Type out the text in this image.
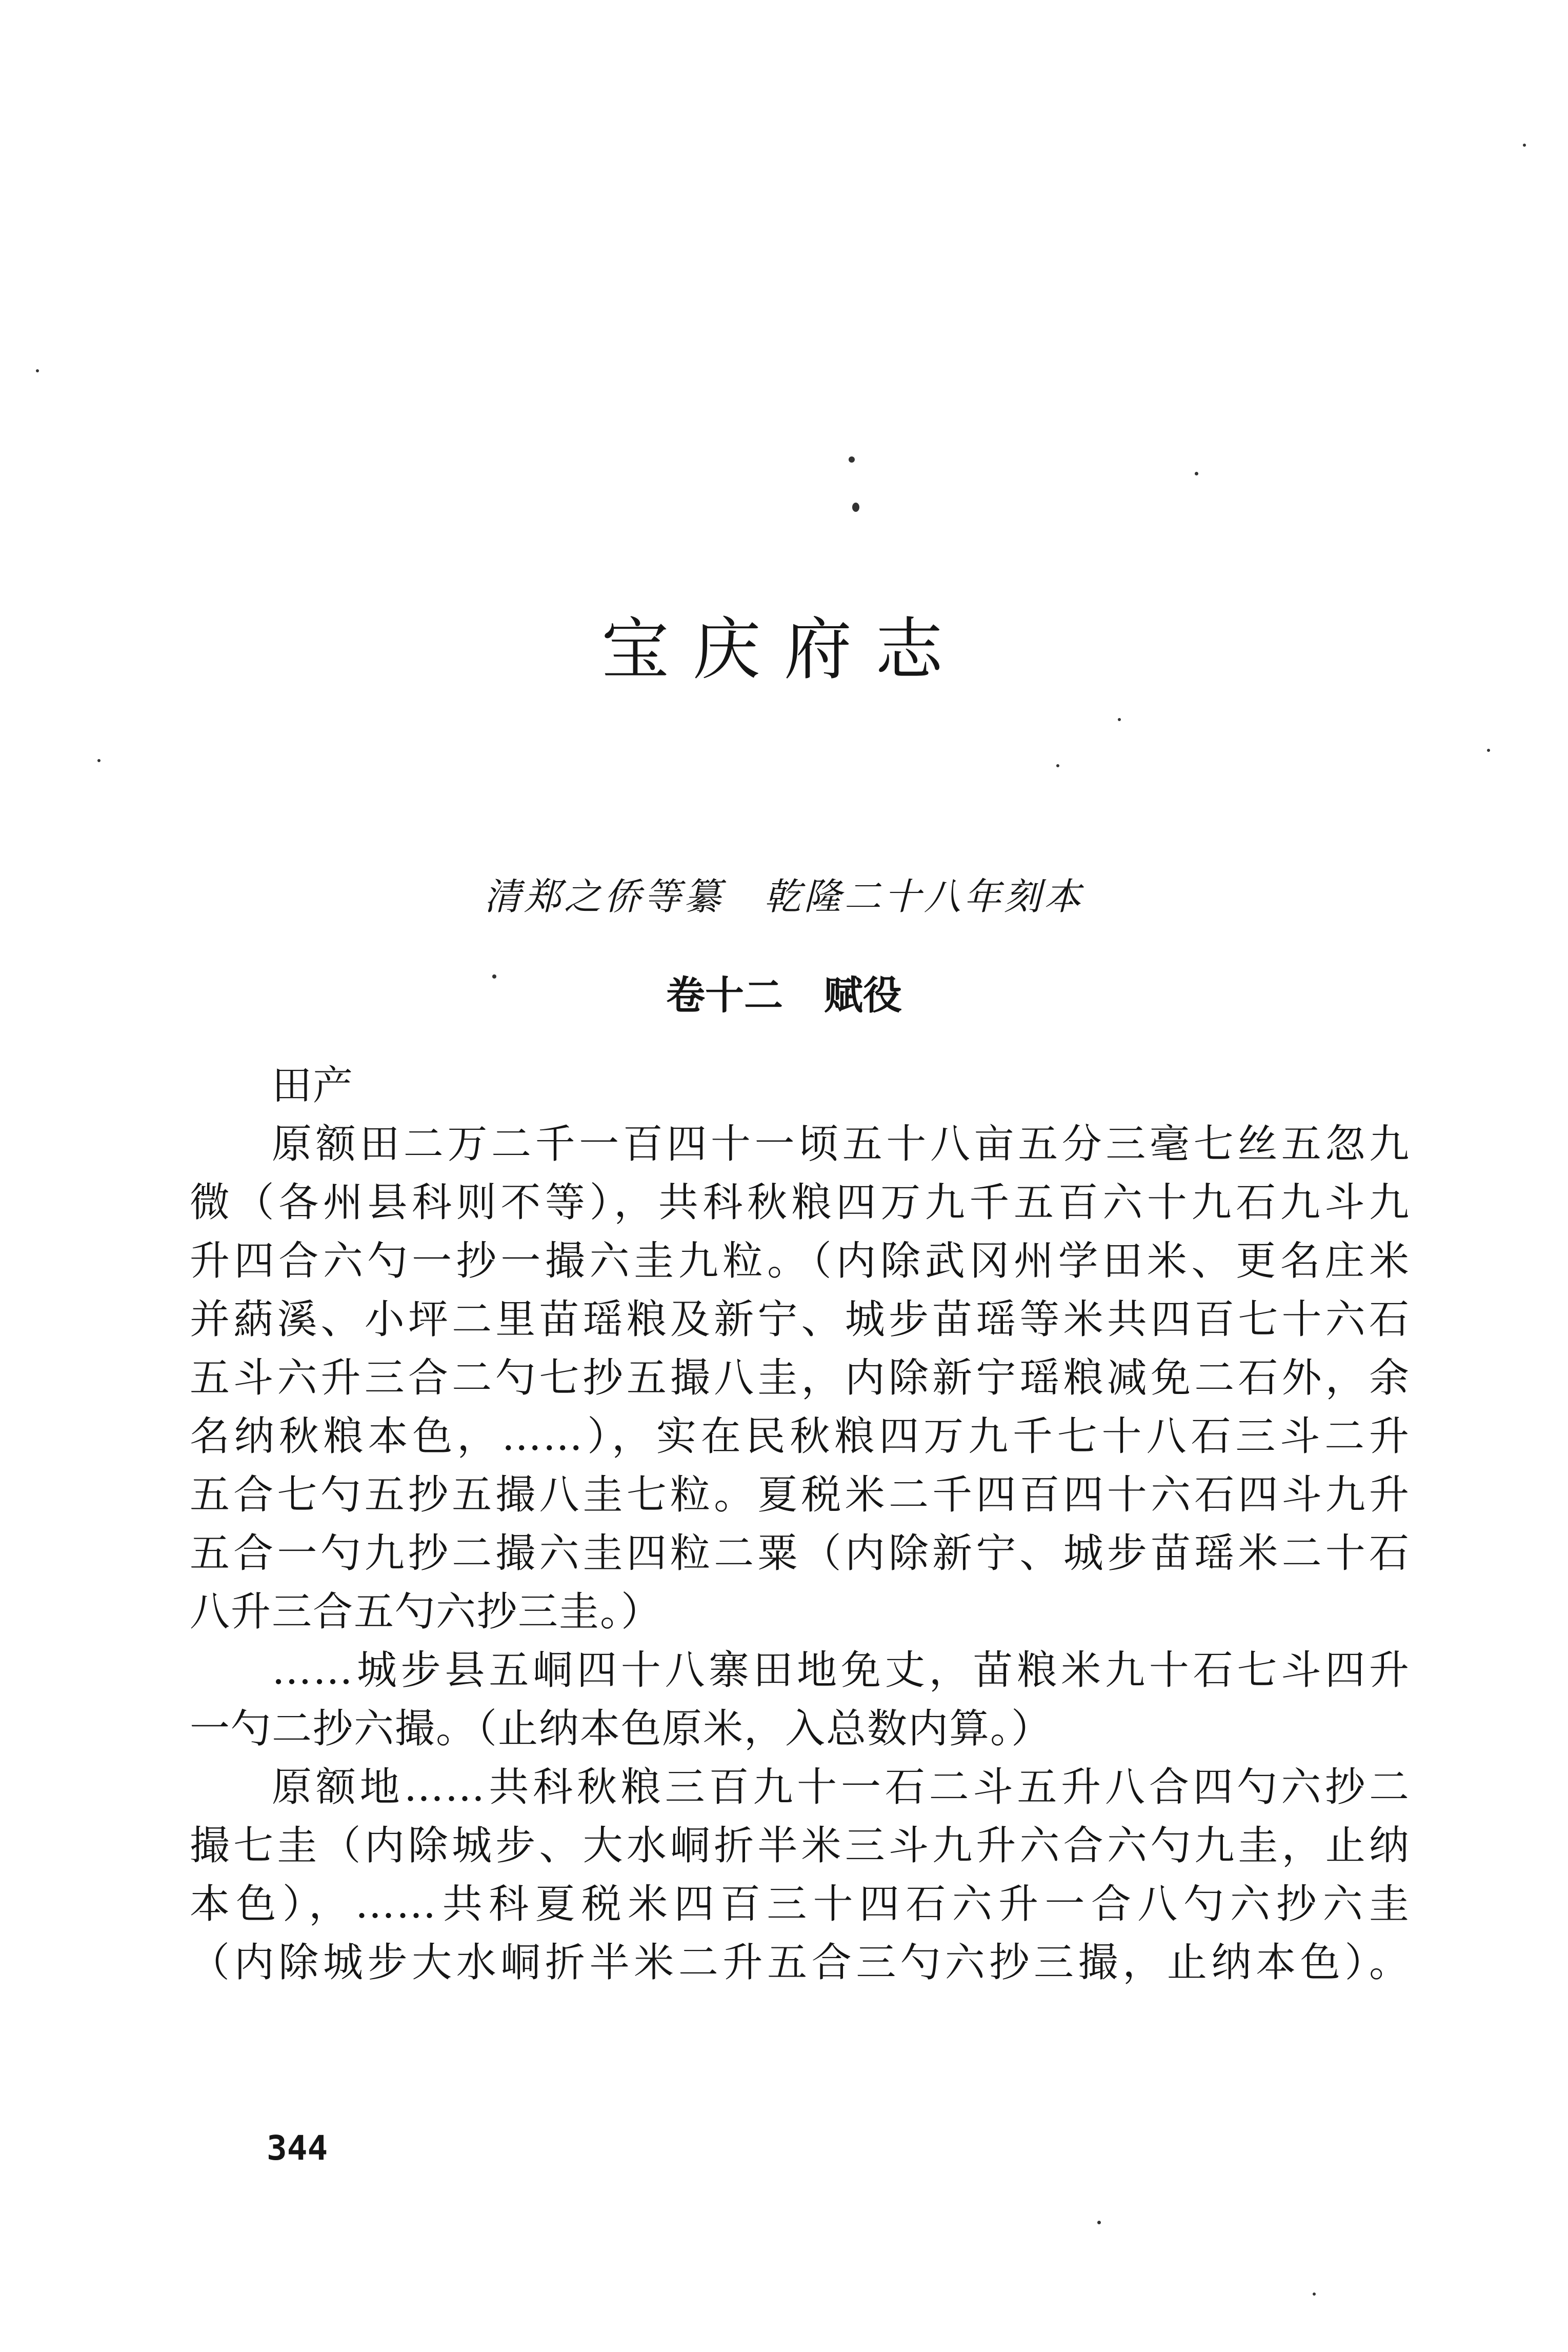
宝庆府志
清郑之侨等纂　乾隆二十八年刻本
卷十二 赋役
田产
原额田二万二千一百四十一顷五十八亩五分三毫七丝五忽九
微（各州县科则不等），共科秋粮四万九千五百六十九石九斗九
升四合六勺一抄一撮六圭九粒。（内除武冈州学田米、更名庄米
并蒳溪、小坪二里苗瑶粮及新宁、城步苗瑶等米共四百七十六石
五斗六升三合二勺七抄五撮八圭，内除新宁瑶粮减免二石外，余
名纳秋粮本色，……），实在民秋粮四万九千七十八石三斗二升
五合七勺五抄五撮八圭七粒。夏税米二千四百四十六石四斗九升
五合一勺九抄二撮六圭四粒二粟（内除新宁、城步苗瑶米二十石
八升三合五勺六抄三圭。）
……城步县五峒四十八寨田地免丈，苗粮米九十石七斗四升
一勺二抄六撮。（止纳本色原米，入总数内算。）
原额地……共科秋粮三百九十一石二斗五升八合四勺六抄二
撮七圭（内除城步、大水峒折半米三斗九升六合六勺九圭，止纳
本色），……共科夏税米四百三十四石六升一合八勺六抄六圭
（内除城步大水峒折半米二升五合三勺六抄三撮，止纳本色）。
344
